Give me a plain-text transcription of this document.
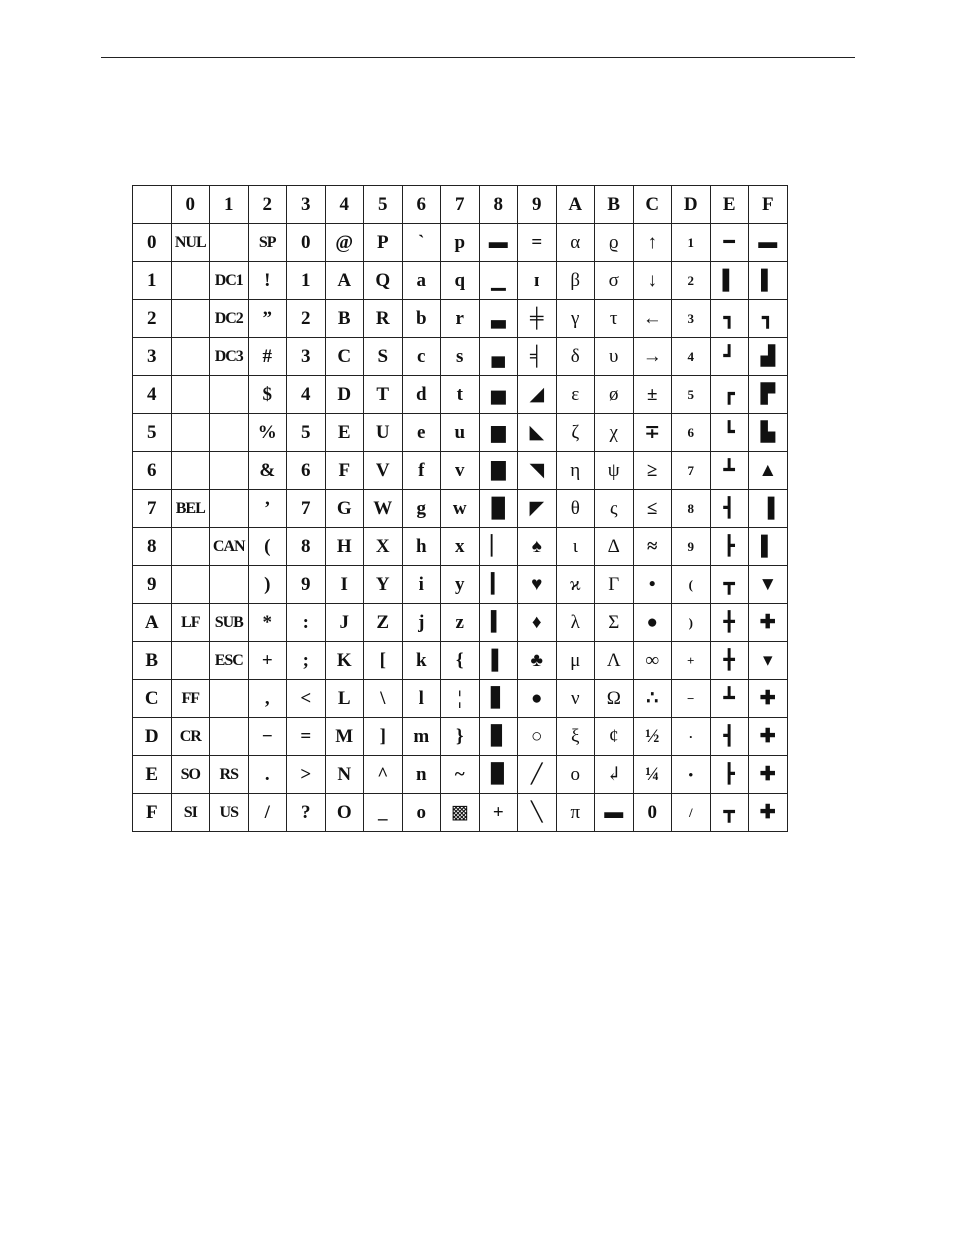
	0	1	2	3	4	5	6	7	8	9	A	B	C	D	E	F
0	NUL		SP	0	@	P	`	p	▬	=	α	ϱ	↑	1	━	▬
1		DC1	!	1	A	Q	a	q	▁	ɪ	β	σ	↓	2	▌	▌
2		DC2	”	2	B	R	b	r	▃	╪	γ	τ	←	3	┓	┓
3		DC3	#	3	C	S	c	s	▄	╡	δ	υ	→	4	┛	▟
4			$	4	D	T	d	t	▅	◢	ε	ø	±	5	┏	▛
5			%	5	E	U	e	u	▆	◣	ζ	χ	∓	6	┗	▙
6			&	6	F	V	f	v	▇	◥	η	ψ	≥	7	┻	▲
7	BEL		’	7	G	W	g	w	█	◤	θ	ς	≤	8	┫	▐
8		CAN	(	8	H	X	h	x	▏	♠	ι	Δ	≈	9	┣	▌
9			)	9	I	Y	i	y	▎	♥	ϰ	Γ	•	(	┳	▼
A	LF	SUB	*	:	J	Z	j	z	▍	♦	λ	Σ	●	)	╋	✚
B		ESC	+	;	K	[	k	{	▌	♣	μ	Λ	∞	+	╋	▾
C	FF		,	<	L	\	l	¦	▋	●	ν	Ω	∴	−	┻	✚
D	CR		−	=	M	]	m	}	▊	○	ξ	¢	½	·	┫	✚
E	SO	RS	.	>	N	^	n	~	▉	╱	o	↲	¼	•	┣	✚
F	SI	US	/	?	O	_	o	▩	+	╲	π	▬	0	/	┳	✚
